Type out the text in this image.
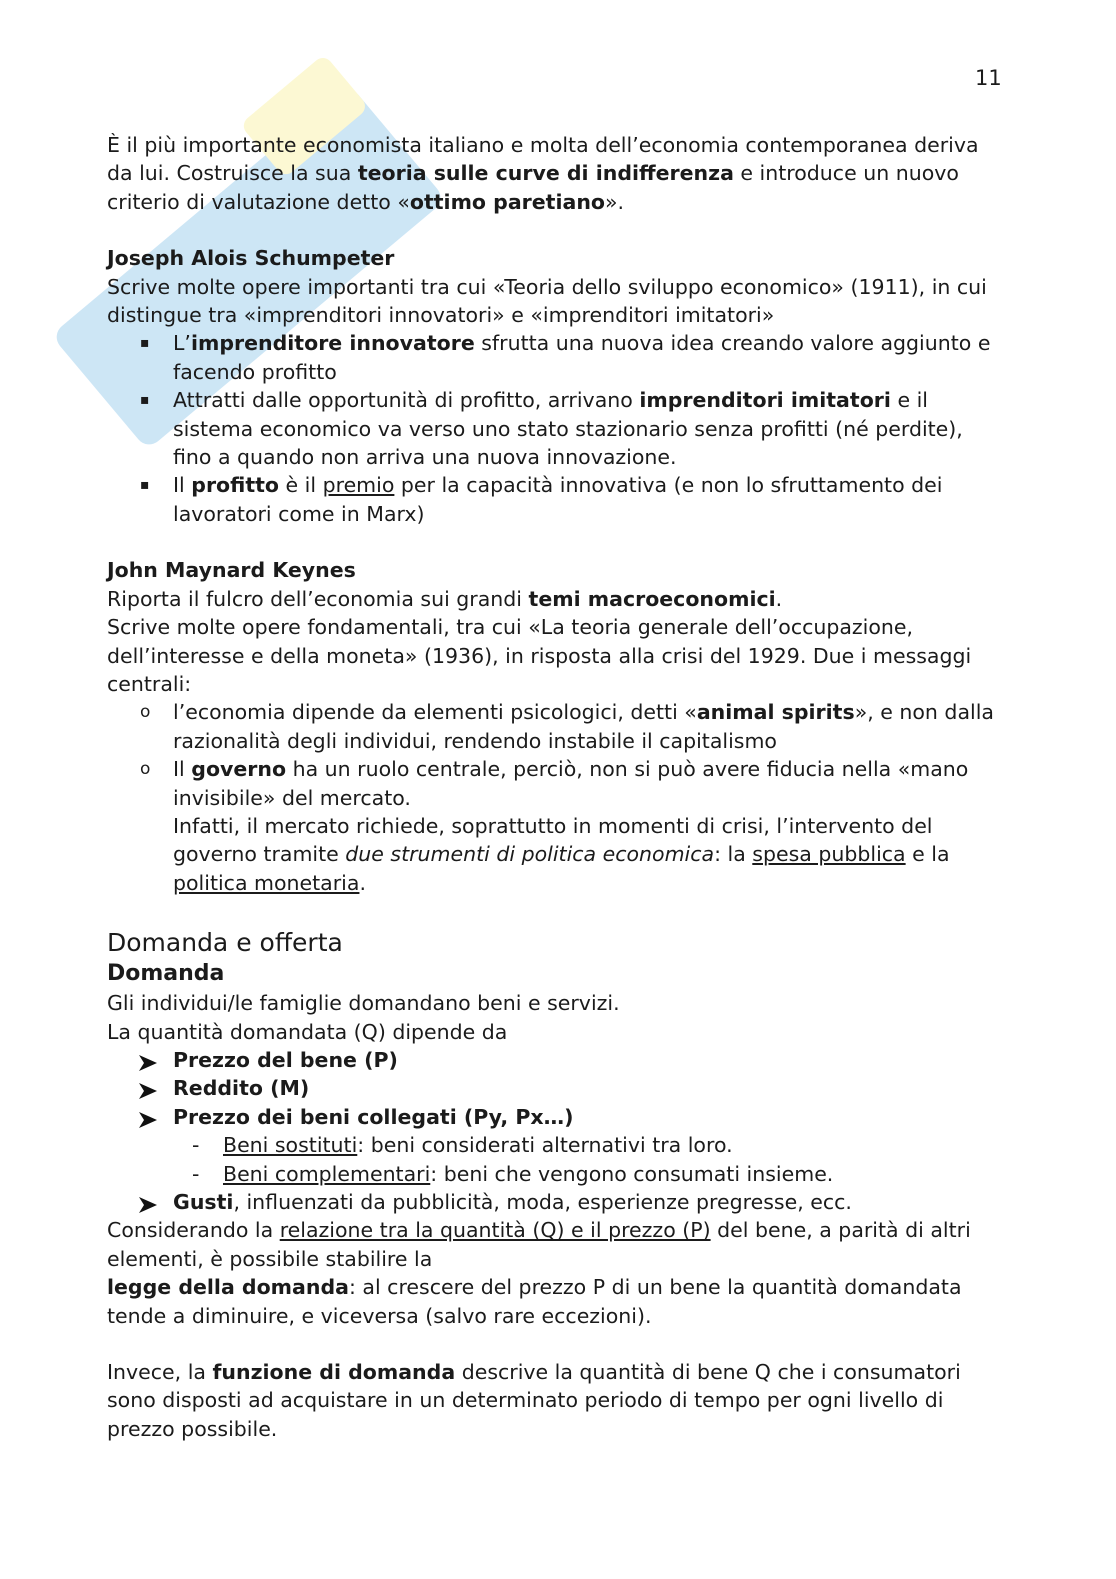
11

È il più importante economista italiano e molta dell’economia contemporanea deriva da lui. Costruisce la sua teoria sulle curve di indifferenza e introduce un nuovo criterio di valutazione detto «ottimo paretiano».

Joseph Alois Schumpeter

Scrive molte opere importanti tra cui «Teoria dello sviluppo economico» (1911), in cui distingue tra «imprenditori innovatori» e «imprenditori imitatori»

▪ L’imprenditore innovatore sfrutta una nuova idea creando valore aggiunto e facendo profitto
▪ Attratti dalle opportunità di profitto, arrivano imprenditori imitatori e il sistema economico va verso uno stato stazionario senza profitti (né perdite), fino a quando non arriva una nuova innovazione.
▪ Il profitto è il premio per la capacità innovativa (e non lo sfruttamento dei lavoratori come in Marx)

John Maynard Keynes

Riporta il fulcro dell’economia sui grandi temi macroeconomici.

Scrive molte opere fondamentali, tra cui «La teoria generale dell’occupazione, dell’interesse e della moneta» (1936), in risposta alla crisi del 1929. Due i messaggi centrali:

o l’economia dipende da elementi psicologici, detti «animal spirits», e non dalla razionalità degli individui, rendendo instabile il capitalismo
o Il governo ha un ruolo centrale, perciò, non si può avere fiducia nella «mano invisibile» del mercato.
Infatti, il mercato richiede, soprattutto in momenti di crisi, l’intervento del governo tramite due strumenti di politica economica: la spesa pubblica e la politica monetaria.

Domanda e offerta

Domanda

Gli individui/le famiglie domandano beni e servizi.

La quantità domandata (Q) dipende da

Prezzo del bene (P)
Reddito (M)
Prezzo dei beni collegati (Py, Px…)
- Beni sostituti: beni considerati alternativi tra loro.
- Beni complementari: beni che vengono consumati insieme.
Gusti, influenzati da pubblicità, moda, esperienze pregresse, ecc.

Considerando la relazione tra la quantità (Q) e il prezzo (P) del bene, a parità di altri elementi, è possibile stabilire la

legge della domanda: al crescere del prezzo P di un bene la quantità domandata tende a diminuire, e viceversa (salvo rare eccezioni).

Invece, la funzione di domanda descrive la quantità di bene Q che i consumatori sono disposti ad acquistare in un determinato periodo di tempo per ogni livello di prezzo possibile.
